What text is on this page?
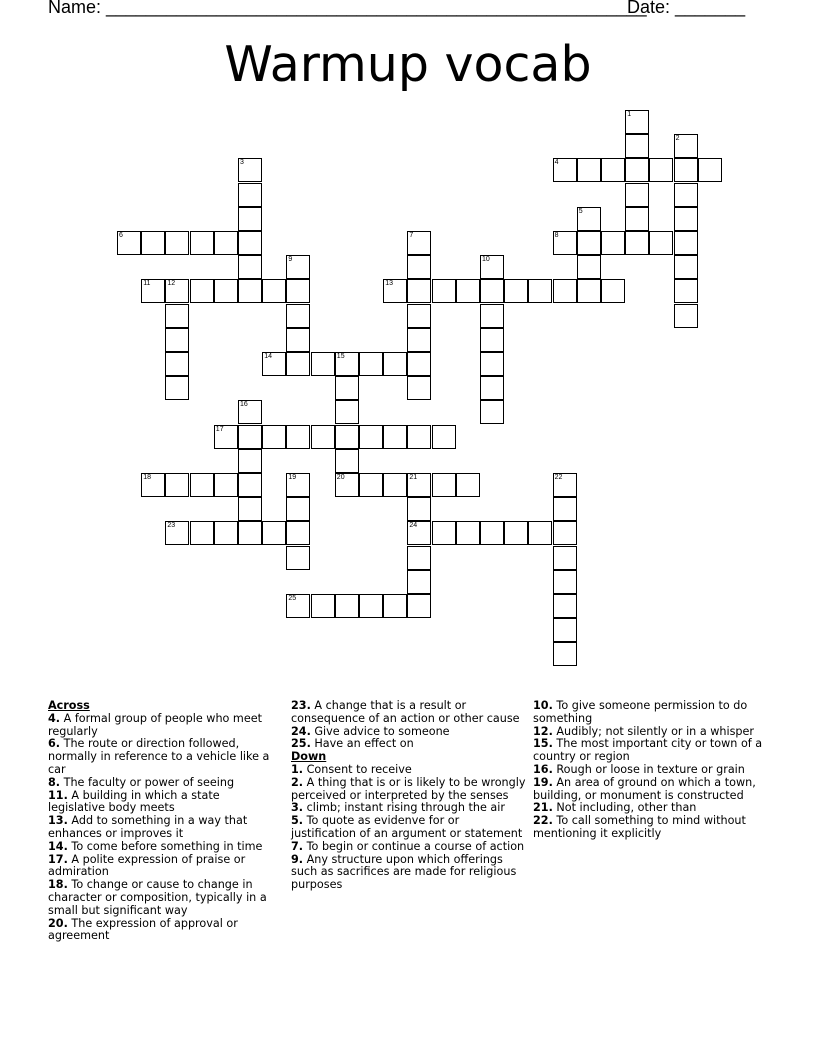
Name: ______________________________________________________
Date: _______
Warmup vocab
1
2
3	4
5
6	7	8
9	10
11 12	13
14	15
20
16
17
18	19	21
24
22
23
25
Across
4. A formal group of people who meet regularly
6. The route or direction followed, normally in reference to a vehicle like a car
8. The faculty or power of seeing
11. A building in which a state legislative body meets
13. Add to something in a way that enhances or improves it
14. To come before something in time
17. A polite expression of praise or admiration
18. To change or cause to change in character or composition, typically in a small but significant way
20. The expression of approval or agreement
23. A change that is a result or consequence of an action or other cause
24. Give advice to someone
25. Have an effect on
Down
1. Consent to receive
2. A thing that is or is likely to be wrongly perceived or interpreted by the senses
3. climb; instant rising through the air
5. To quote as evidenve for or justification of an argument or statement
7. To begin or continue a course of action
9. Any structure upon which offerings such as sacrifices are made for religious purposes
10. To give someone permission to do something
12. Audibly; not silently or in a whisper
15. The most important city or town of a country or region
16. Rough or loose in texture or grain
19. An area of ground on which a town, building, or monument is constructed
21. Not including, other than
22. To call something to mind without mentioning it explicitly
